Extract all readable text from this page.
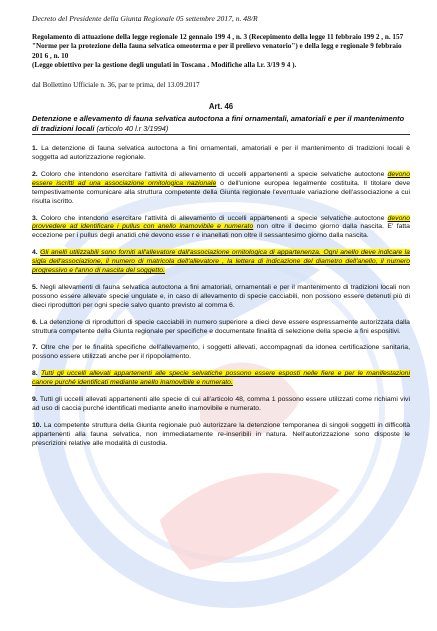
Decreto del Presidente della Giunta Regionale 05 settembre 2017, n. 48/R

Regolamento di attuazione della legge regionale 12 gennaio 199 4 , n. 3 (Recepimento della legge 11 febbraio 199 2 , n. 157 "Norme per la protezione della fauna selvatica omeoterma e per il prelievo venatorio") e della legg e regionale 9 febbraio 201 6 , n. 10

(Legge obiettivo per la gestione degli ungulati in Toscana . Modifiche alla l.r. 3/19 9 4 ).

dal Bollettino Ufficiale n. 36, par te prima, del 13.09.2017

Art. 46

Detenzione e allevamento di fauna selvatica autoctona a fini ornamentali, amatoriali e per il mantenimento di tradizioni locali (articolo 40 l.r 3/1994)

1. La detenzione di fauna selvatica autoctona a fini ornamentali, amatoriali e per il mantenimento di tradizioni locali è soggetta ad autorizzazione regionale.

2. Coloro che intendono esercitare l'attività di allevamento di uccelli appartenenti a specie selvatiche autoctone devono essere iscritti ad una associazione ornitologica nazionale o dell'unione europea legalmente costituita. Il titolare deve tempestivamente comunicare alla struttura competente della Giunta regionale l'eventuale variazione dell'associazione a cui risulta iscritto.

3. Coloro che intendono esercitare l'attività di allevamento di uccelli appartenenti a specie selvatiche autoctone devono provvedere ad identificare i pullus con anello inamovibile e numerato non oltre il decimo giorno dalla nascita. E' fatta eccezione per i pullus degli anatidi che devono esse r e inanellati non oltre il sessantesimo giorno dalla nascita.

4. Gli anelli utilizzabili sono forniti all'allevatore dall'associazione ornitologica di appartenenza. Ogni anello deve indicare la sigla dell'associazione, il numero di matricola dell'allevatore , la lettera di indicazione del diametro dell'anello, il numero progressivo e l'anno di nascita del soggetto.

5. Negli allevamenti di fauna selvatica autoctona a fini amatoriali, ornamentali e per il mantenimento di tradizioni locali non possono essere allevate specie ungulate e, in caso di allevamento di specie cacciabili, non possono essere detenuti più di dieci riproduttori per ogni specie salvo quanto previsto al comma 6.

6. La detenzione di riproduttori di specie cacciabili in numero superiore a dieci deve essere espressamente autorizzata dalla struttura competente della Giunta regionale per specifiche e documentate finalità di selezione della specie a fini espositivi.

7. Oltre che per le finalità specifiche dell'allevamento, i soggetti allevati, accompagnati da idonea certificazione sanitaria, possono essere utilizzati anche per il ripopolamento.

8. Tutti gli uccelli allevati appartenenti alle specie selvatiche possono essere esposti nelle fiere e per le manifestazioni canore purché identificati mediante anello inamovibile e numerato.

9. Tutti gli uccelli allevati appartenenti alle specie di cui all'articolo 48, comma 1 possono essere utilizzati come richiami vivi ad uso di caccia purché identificati mediante anello inamovibile e numerato.

10. La competente struttura della Giunta regionale può autorizzare la detenzione temporanea di singoli soggetti in difficoltà appartenenti alla fauna selvatica, non immediatamente re-inseribili in natura. Nell'autorizzazione sono disposte le prescrizioni relative alle modalità di custodia.
